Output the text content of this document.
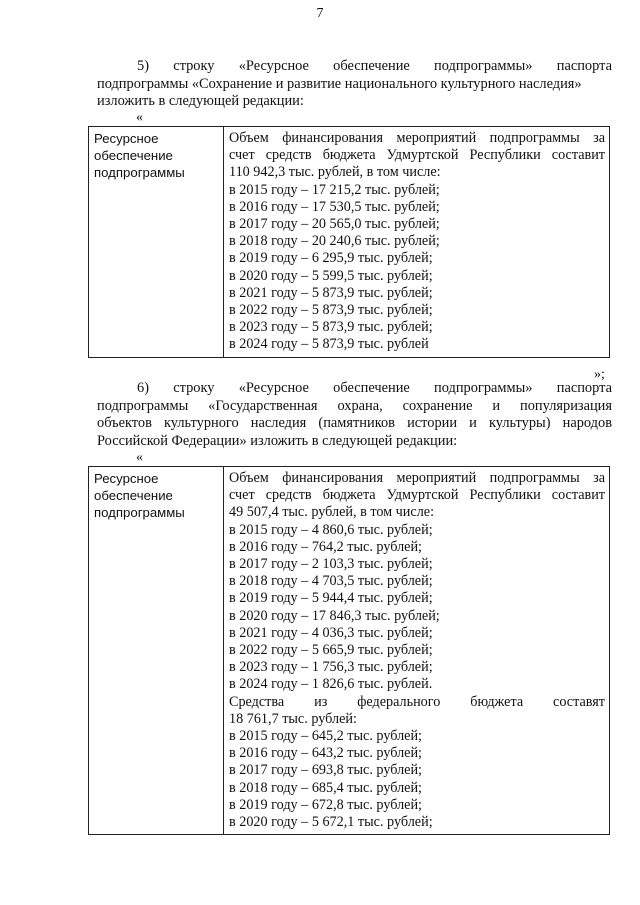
7

5)   строку   «Ресурсное   обеспечение   подпрограммы»   паспорта

подпрограммы «Сохранение и развитие национального культурного наследия»

изложить в следующей редакции:

«
Ресурсное
обеспечение
подпрограммы

Объем финансирования мероприятий подпрограммы за
счет средств бюджета Удмуртской Республики составит
110 942,3 тыс. рублей, в том числе:
в 2015 году – 17 215,2 тыс. рублей;
в 2016 году – 17 530,5 тыс. рублей;
в 2017 году – 20 565,0 тыс. рублей;
в 2018 году – 20 240,6 тыс. рублей;
в 2019 году – 6 295,9 тыс. рублей;
в 2020 году – 5 599,5 тыс. рублей;
в 2021 году – 5 873,9 тыс. рублей;
в 2022 году – 5 873,9 тыс. рублей;
в 2023 году – 5 873,9 тыс. рублей;
в 2024 году – 5 873,9 тыс. рублей
»;

6)   строку   «Ресурсное   обеспечение   подпрограммы»   паспорта

подпрограммы «Государственная охрана, сохранение и популяризация

объектов культурного наследия (памятников истории и культуры) народов

Российской Федерации» изложить в следующей редакции:

«
Ресурсное
обеспечение
подпрограммы

Объем финансирования мероприятий подпрограммы за
счет средств бюджета Удмуртской Республики составит
49 507,4 тыс. рублей, в том числе:
в 2015 году – 4 860,6 тыс. рублей;
в 2016 году – 764,2 тыс. рублей;
в 2017 году – 2 103,3 тыс. рублей;
в 2018 году – 4 703,5 тыс. рублей;
в 2019 году – 5 944,4 тыс. рублей;
в 2020 году – 17 846,3 тыс. рублей;
в 2021 году – 4 036,3 тыс. рублей;
в 2022 году – 5 665,9 тыс. рублей;
в 2023 году – 1 756,3 тыс. рублей;
в 2024 году – 1 826,6 тыс. рублей.
Средства из федерального бюджета составят
18 761,7 тыс. рублей:
в 2015 году – 645,2 тыс. рублей;
в 2016 году – 643,2 тыс. рублей;
в 2017 году – 693,8 тыс. рублей;
в 2018 году – 685,4 тыс. рублей;
в 2019 году – 672,8 тыс. рублей;
в 2020 году – 5 672,1 тыс. рублей;
